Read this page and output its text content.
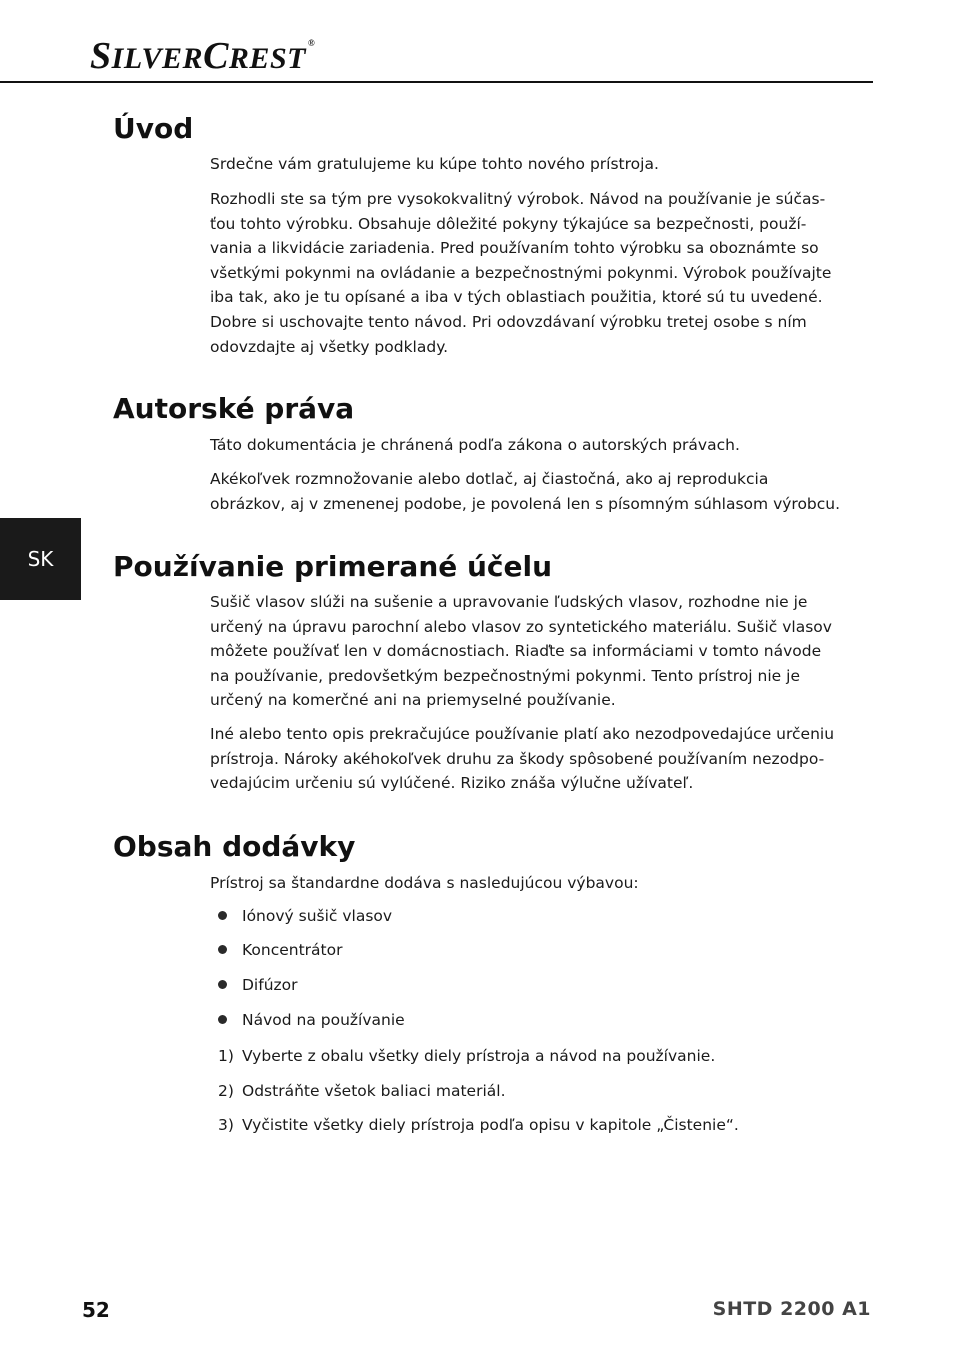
SILVERCREST ®
SK
Úvod

Srdečne vám gratulujeme ku kúpe tohto nového prístroja.

Rozhodli ste sa tým pre vysokokvalitný výrobok. Návod na používanie je súčas-ťou tohto výrobku. Obsahuje dôležité pokyny týkajúce sa bezpečnosti, použí-vania a likvidácie zariadenia. Pred používaním tohto výrobku sa oboznámte so všetkými pokynmi na ovládanie a bezpečnostnými pokynmi. Výrobok používajte iba tak, ako je tu opísané a iba v tých oblastiach použitia, ktoré sú tu uvedené. Dobre si uschovajte tento návod. Pri odovzdávaní výrobku tretej osobe s ním odovzdajte aj všetky podklady.

Autorské práva

Táto dokumentácia je chránená podľa zákona o autorských právach.

Akékoľvek rozmnožovanie alebo dotlač, aj čiastočná, ako aj reprodukcia obrázkov, aj v zmenenej podobe, je povolená len s písomným súhlasom výrobcu.

Používanie primerané účelu

Sušič vlasov slúži na sušenie a upravovanie ľudských vlasov, rozhodne nie je určený na úpravu parochní alebo vlasov zo syntetického materiálu. Sušič vlasov môžete používať len v domácnostiach. Riaďte sa informáciami v tomto návode na používanie, predovšetkým bezpečnostnými pokynmi. Tento prístroj nie je určený na komerčné ani na priemyselné používanie.

Iné alebo tento opis prekračujúce používanie platí ako nezodpovedajúce určeniu prístroja. Nároky akéhokoľvek druhu za škody spôsobené používaním nezodpo-vedajúcim určeniu sú vylúčené. Riziko znáša výlučne užívateľ.

Obsah dodávky

Prístroj sa štandardne dodáva s nasledujúcou výbavou:

Iónový sušič vlasov
Koncentrátor
Difúzor
Návod na používanie
1) Vyberte z obalu všetky diely prístroja a návod na používanie.
2) Odstráňte všetok baliaci materiál.
3) Vyčistite všetky diely prístroja podľa opisu v kapitole „Čistenie“.
52	SHTD 2200 A1
